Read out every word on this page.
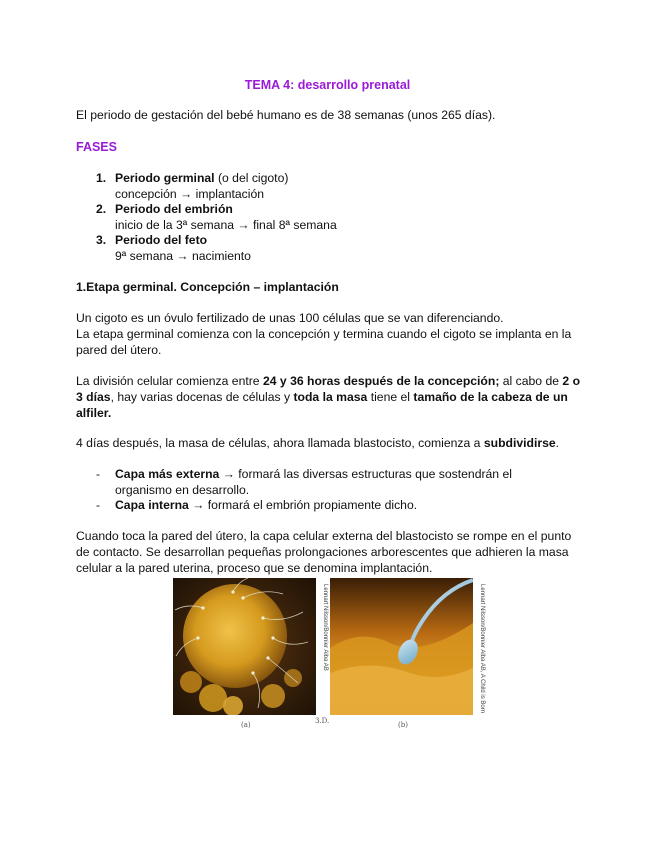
TEMA 4: desarrollo prenatal
El periodo de gestación del bebé humano es de 38 semanas (unos 265 días).
FASES
1. Periodo germinal (o del cigoto)
concepción → implantación
2. Periodo del embrión
inicio de la 3ª semana → final 8ª semana
3. Periodo del feto
9ª semana → nacimiento
1.Etapa germinal. Concepción – implantación
Un cigoto es un óvulo fertilizado de unas 100 células que se van diferenciando.
La etapa germinal comienza con la concepción y termina cuando el cigoto se implanta en la pared del útero.
La división celular comienza entre 24 y 36 horas después de la concepción; al cabo de 2 o 3 días, hay varias docenas de células y toda la masa tiene el tamaño de la cabeza de un alfiler.
4 días después, la masa de células, ahora llamada blastocisto, comienza a subdividirse.
- Capa más externa → formará las diversas estructuras que sostendrán el organismo en desarrollo.
- Capa interna → formará el embrión propiamente dicho.
Cuando toca la pared del útero, la capa celular externa del blastocisto se rompe en el punto de contacto. Se desarrollan pequeñas prolongaciones arborescentes que adhieren la masa celular a la pared uterina, proceso que se denomina implantación.
Lennart Nilsson/Bonnier Alba AB	Lennart Nilsson/Bonnier Alba AB, A Child is Born
(a)	3.D.	(b)
